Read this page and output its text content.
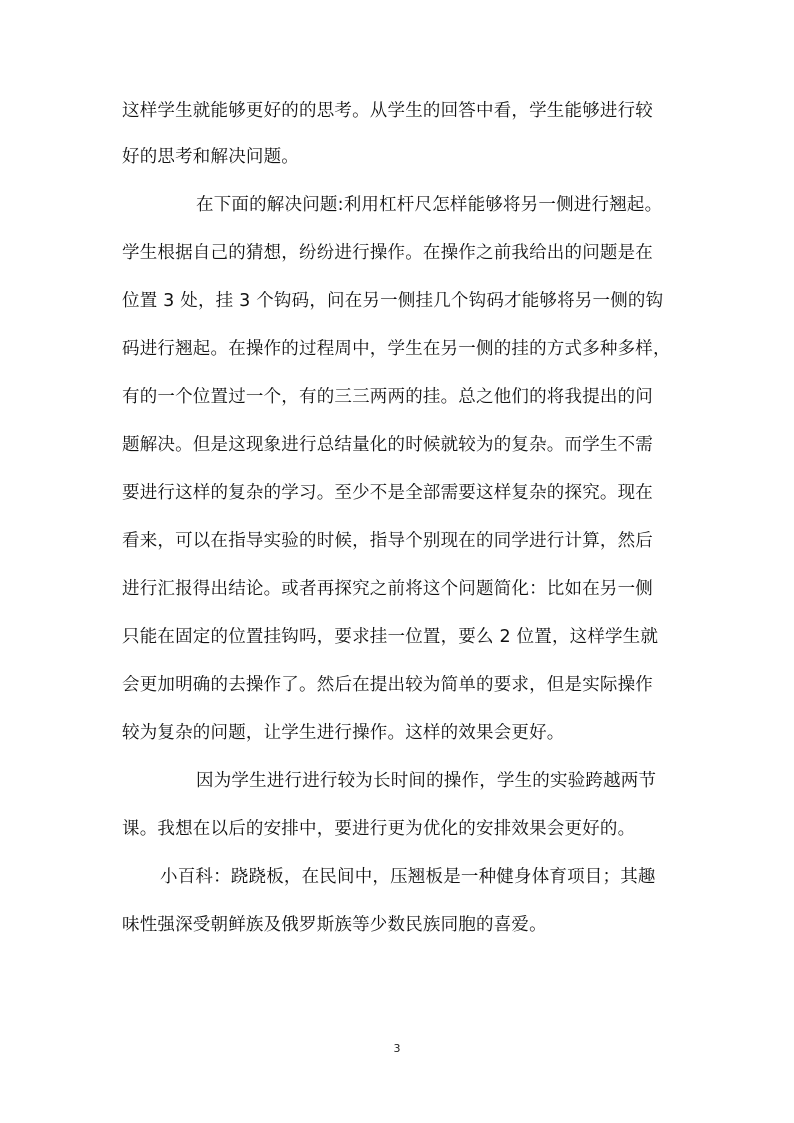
这样学生就能够更好的的思考。从学生的回答中看，学生能够进行较
好的思考和解决问题。
在下面的解决问题:利用杠杆尺怎样能够将另一侧进行翘起。
学生根据自己的猜想，纷纷进行操作。在操作之前我给出的问题是在
位置 3 处，挂 3 个钩码，问在另一侧挂几个钩码才能够将另一侧的钩
码进行翘起。在操作的过程周中，学生在另一侧的挂的方式多种多样，
有的一个位置过一个，有的三三两两的挂。总之他们的将我提出的问
题解决。但是这现象进行总结量化的时候就较为的复杂。而学生不需
要进行这样的复杂的学习。至少不是全部需要这样复杂的探究。现在
看来，可以在指导实验的时候，指导个别现在的同学进行计算，然后
进行汇报得出结论。或者再探究之前将这个问题简化：比如在另一侧
只能在固定的位置挂钩吗，要求挂一位置，要么 2 位置，这样学生就
会更加明确的去操作了。然后在提出较为简单的要求，但是实际操作
较为复杂的问题，让学生进行操作。这样的效果会更好。
因为学生进行进行较为长时间的操作，学生的实验跨越两节
课。我想在以后的安排中，要进行更为优化的安排效果会更好的。
小百科：跷跷板，在民间中，压翘板是一种健身体育项目；其趣
味性强深受朝鲜族及俄罗斯族等少数民族同胞的喜爱。
3
